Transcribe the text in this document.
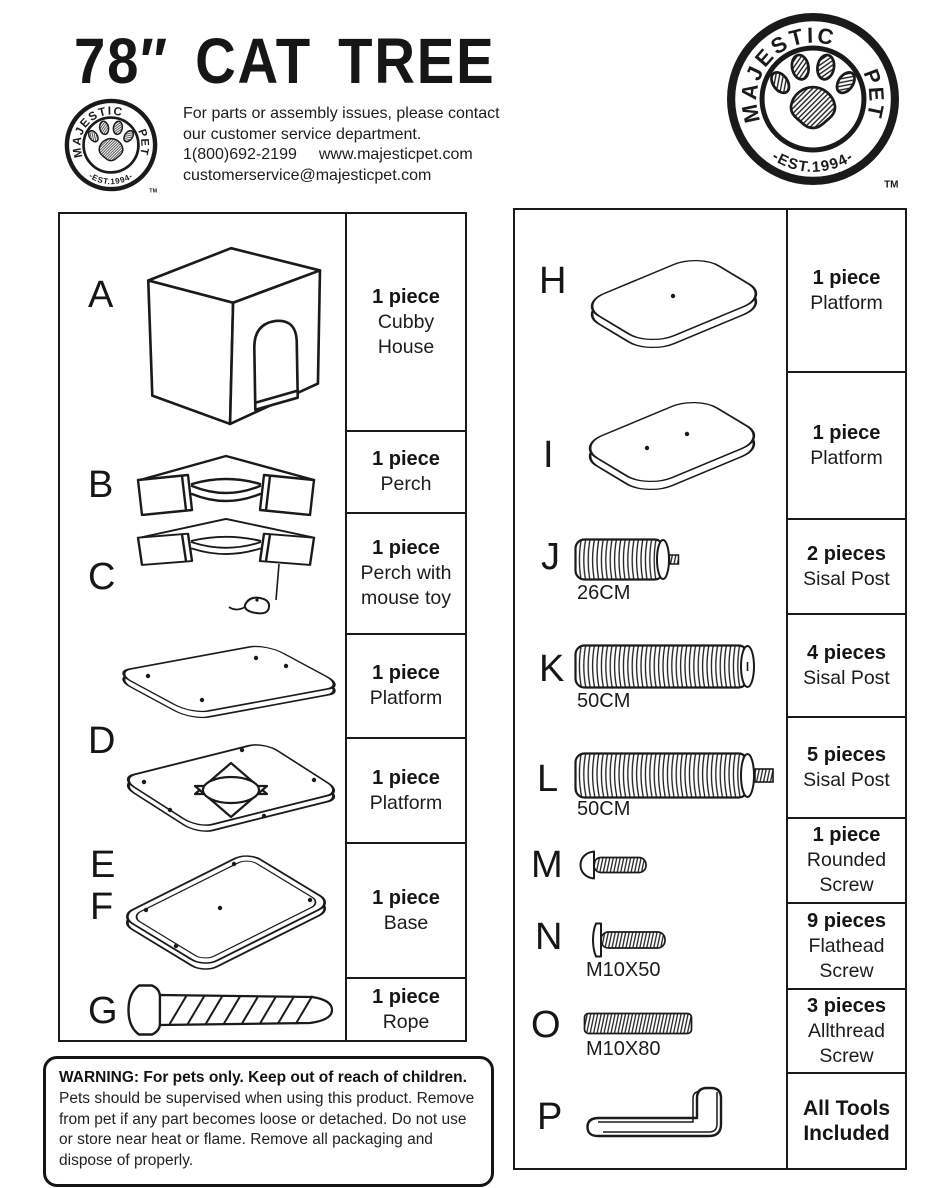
78″ CAT TREE
For parts or assembly issues, please contact
our customer service department.
1(800)692-2199 www.majesticpet.com
customerservice@majesticpet.com
A
B
C
D
E
F
G
1 piece
Cubby
House
1 piece
Perch
1 piece
Perch with
mouse toy
1 piece
Platform
1 piece
Platform
1 piece
Base
1 piece
Rope
H
I
J
K
L
M
N
O
P
26CM
50CM
50CM
M10X50
M10X80
1 piece
Platform
1 piece
Platform
2 pieces
Sisal Post
4 pieces
Sisal Post
5 pieces
Sisal Post
1 piece
Rounded
Screw
9 pieces
Flathead
Screw
3 pieces
Allthread
Screw
All Tools
Included
WARNING: For pets only. Keep out of reach of children. Pets should be supervised when using this product. Remove from pet if any part becomes loose or detached. Do not use or store near heat or flame. Remove all packaging and dispose of properly.
